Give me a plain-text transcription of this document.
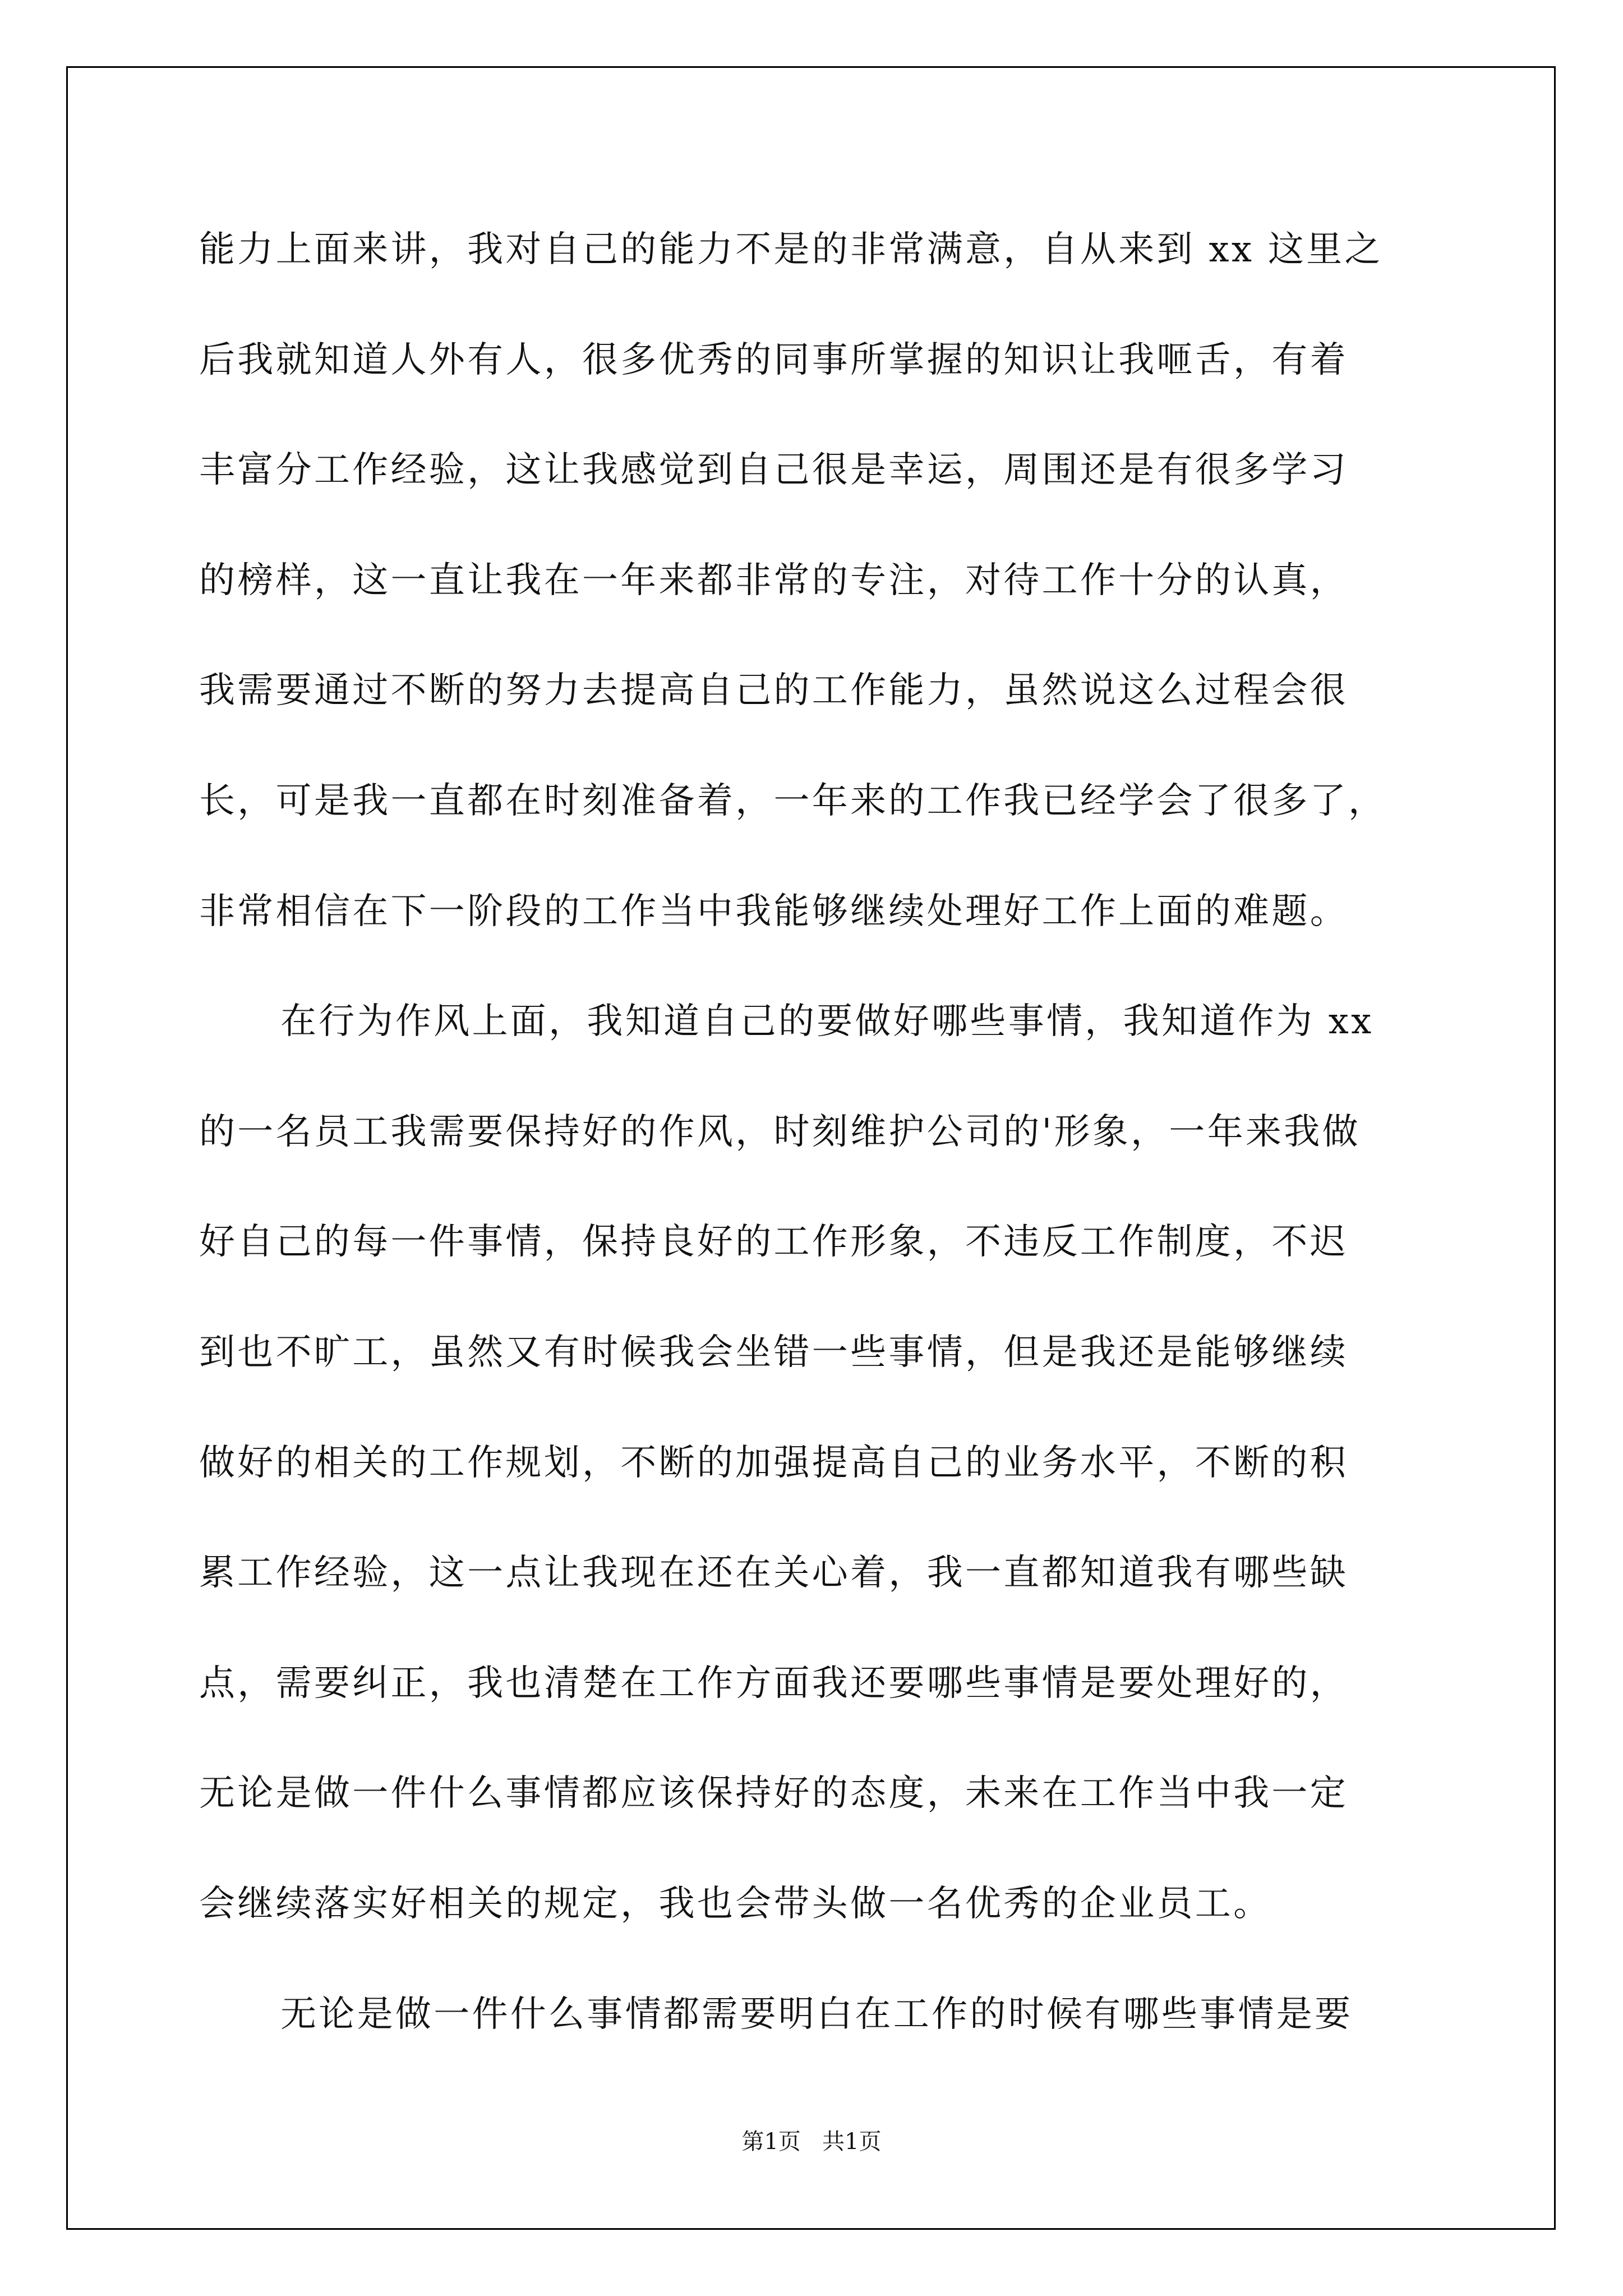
能力上面来讲，我对自己的能力不是的非常满意，自从来到 xx 这里之
后我就知道人外有人，很多优秀的同事所掌握的知识让我咂舌，有着
丰富分工作经验，这让我感觉到自己很是幸运，周围还是有很多学习
的榜样，这一直让我在一年来都非常的专注，对待工作十分的认真，
我需要通过不断的努力去提高自己的工作能力，虽然说这么过程会很
长，可是我一直都在时刻准备着，一年来的工作我已经学会了很多了，
非常相信在下一阶段的工作当中我能够继续处理好工作上面的难题。
在行为作风上面，我知道自己的要做好哪些事情，我知道作为 xx
的一名员工我需要保持好的作风，时刻维护公司的'形象，一年来我做
好自己的每一件事情，保持良好的工作形象，不违反工作制度，不迟
到也不旷工，虽然又有时候我会坐错一些事情，但是我还是能够继续
做好的相关的工作规划，不断的加强提高自己的业务水平，不断的积
累工作经验，这一点让我现在还在关心着，我一直都知道我有哪些缺
点，需要纠正，我也清楚在工作方面我还要哪些事情是要处理好的，
无论是做一件什么事情都应该保持好的态度，未来在工作当中我一定
会继续落实好相关的规定，我也会带头做一名优秀的企业员工。
无论是做一件什么事情都需要明白在工作的时候有哪些事情是要
第1页   共1页
